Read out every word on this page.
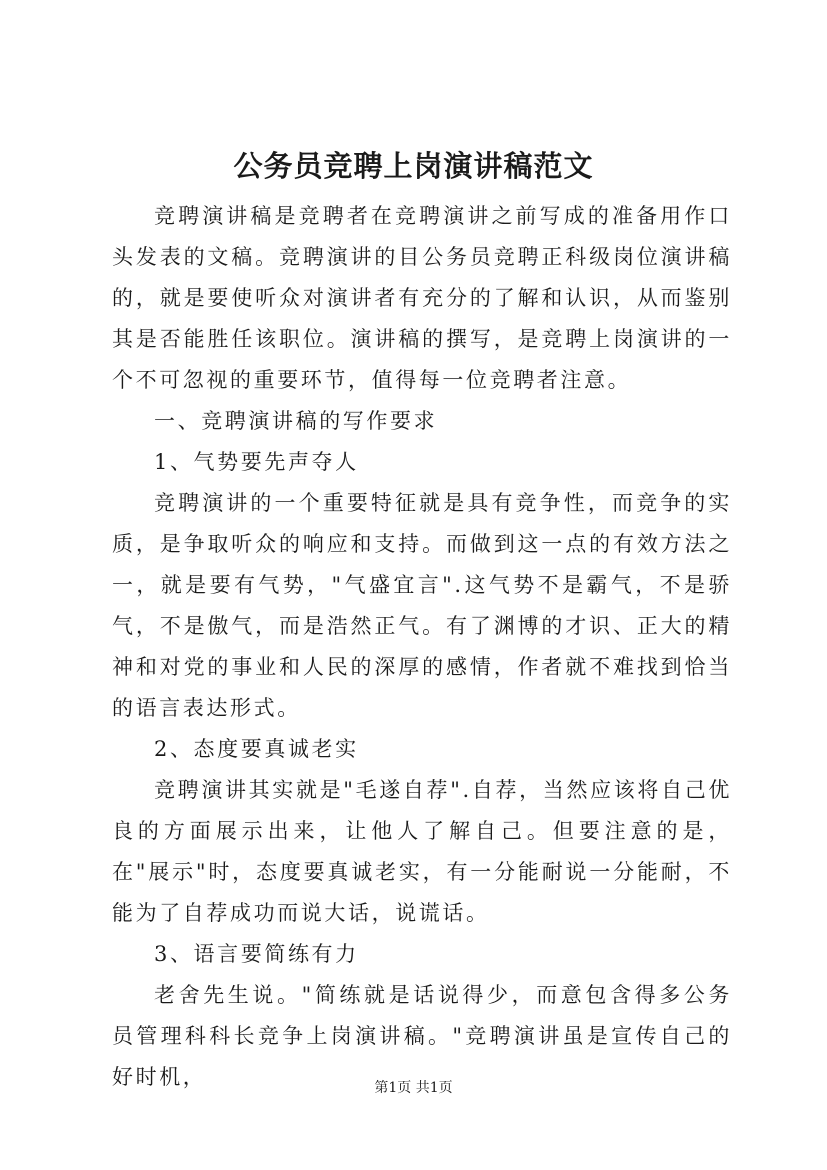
公务员竞聘上岗演讲稿范文

竞聘演讲稿是竞聘者在竞聘演讲之前写成的准备用作口头发表的文稿。竞聘演讲的目公务员竞聘正科级岗位演讲稿的，就是要使听众对演讲者有充分的了解和认识，从而鉴别其是否能胜任该职位。演讲稿的撰写，是竞聘上岗演讲的一个不可忽视的重要环节，值得每一位竞聘者注意。

一、竞聘演讲稿的写作要求

1、气势要先声夺人

竞聘演讲的一个重要特征就是具有竞争性，而竞争的实质，是争取听众的响应和支持。而做到这一点的有效方法之一，就是要有气势，"气盛宜言".这气势不是霸气，不是骄气，不是傲气，而是浩然正气。有了渊博的才识、正大的精神和对党的事业和人民的深厚的感情，作者就不难找到恰当的语言表达形式。

2、态度要真诚老实

竞聘演讲其实就是"毛遂自荐".自荐，当然应该将自己优良的方面展示出来，让他人了解自己。但要注意的是，在"展示"时，态度要真诚老实，有一分能耐说一分能耐，不能为了自荐成功而说大话，说谎话。

3、语言要简练有力

老舍先生说。"简练就是话说得少，而意包含得多公务员管理科科长竞争上岗演讲稿。"竞聘演讲虽是宣传自己的好时机，	第1页 共1页
